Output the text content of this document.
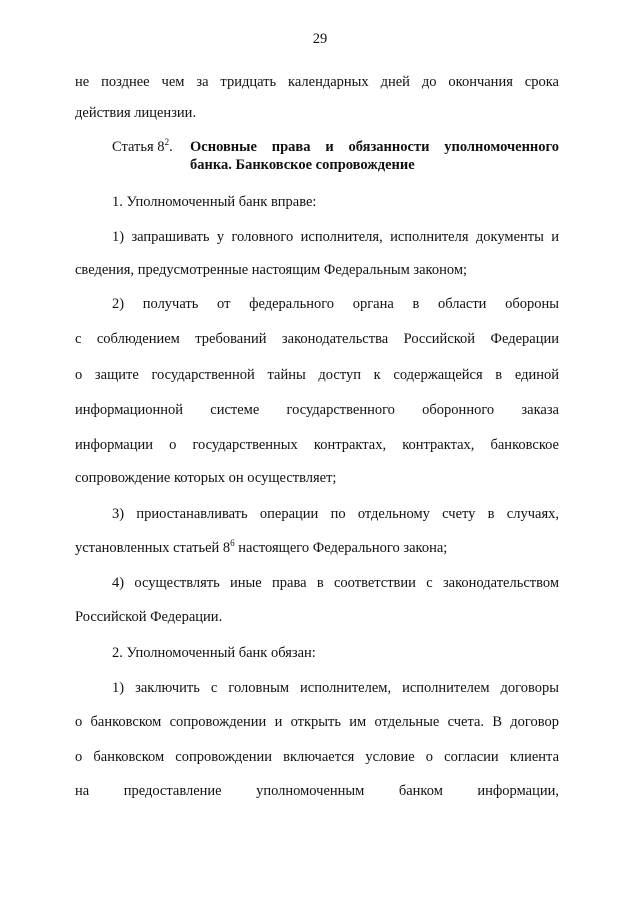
29
не позднее чем за тридцать календарных дней до окончания срока
действия лицензии.
Статья $8^2$. Основные права и обязанности уполномоченного
банка. Банковское сопровождение
1. Уполномоченный банк вправе:
1) запрашивать у головного исполнителя, исполнителя документы и
сведения, предусмотренные настоящим Федеральным законом;
2) получать от федерального органа в области обороны
с соблюдением требований законодательства Российской Федерации
о защите государственной тайны доступ к содержащейся в единой
информационной системе государственного оборонного заказа
информации о государственных контрактах, контрактах, банковское
сопровождение которых он осуществляет;
3) приостанавливать операции по отдельному счету в случаях,
установленных статьей $8^6$ настоящего Федерального закона;
4) осуществлять иные права в соответствии с законодательством
Российской Федерации.
2. Уполномоченный банк обязан:
1) заключить с головным исполнителем, исполнителем договоры
о банковском сопровождении и открыть им отдельные счета. В договор
о банковском сопровождении включается условие о согласии клиента
на предоставление уполномоченным банком информации,
